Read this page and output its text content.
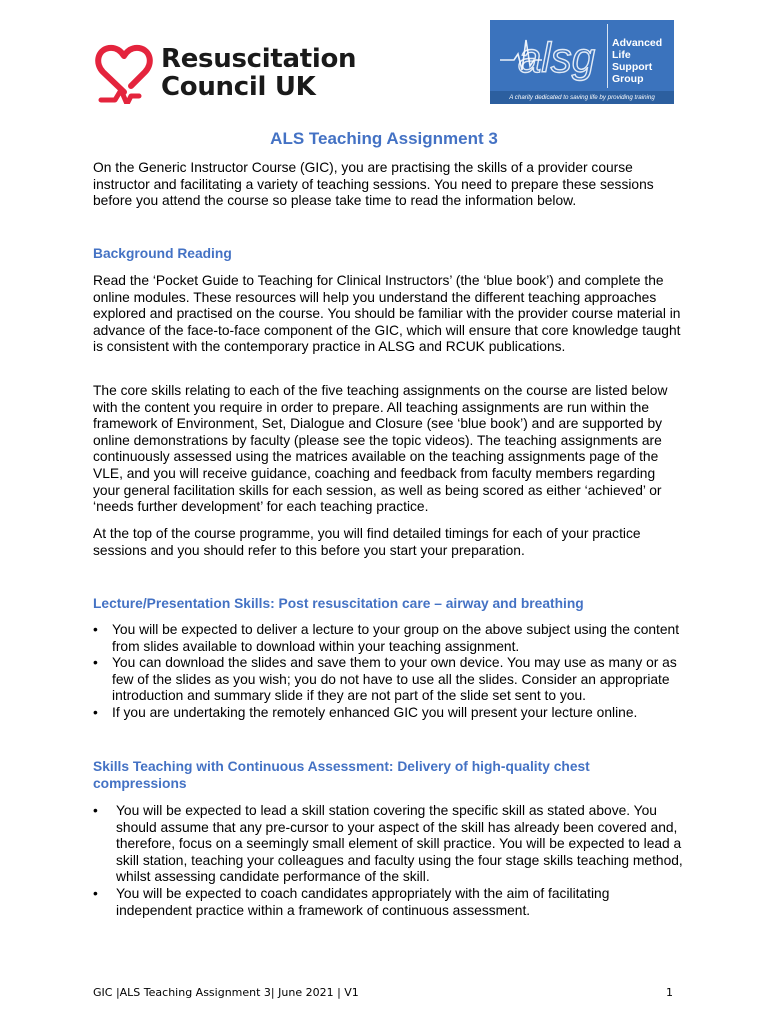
Resuscitation
Council UK
alsg Advanced
Life
Support
Group
A charity dedicated to saving life by providing training
ALS Teaching Assignment 3

On the Generic Instructor Course (GIC), you are practising the skills of a provider course instructor and facilitating a variety of teaching sessions. You need to prepare these sessions before you attend the course so please take time to read the information below.

Background Reading

Read the ‘Pocket Guide to Teaching for Clinical Instructors’ (the ‘blue book’) and complete the online modules. These resources will help you understand the different teaching approaches explored and practised on the course. You should be familiar with the provider course material in advance of the face-to-face component of the GIC, which will ensure that core knowledge taught is consistent with the contemporary practice in ALSG and RCUK publications.

The core skills relating to each of the five teaching assignments on the course are listed below with the content you require in order to prepare. All teaching assignments are run within the framework of Environment, Set, Dialogue and Closure (see ‘blue book’) and are supported by online demonstrations by faculty (please see the topic videos). The teaching assignments are continuously assessed using the matrices available on the teaching assignments page of the VLE, and you will receive guidance, coaching and feedback from faculty members regarding your general facilitation skills for each session, as well as being scored as either ‘achieved’ or ‘needs further development’ for each teaching practice.

At the top of the course programme, you will find detailed timings for each of your practice sessions and you should refer to this before you start your preparation.

Lecture/Presentation Skills: Post resuscitation care – airway and breathing
• You will be expected to deliver a lecture to your group on the above subject using the content from slides available to download within your teaching assignment.
• You can download the slides and save them to your own device. You may use as many or as few of the slides as you wish; you do not have to use all the slides. Consider an appropriate introduction and summary slide if they are not part of the slide set sent to you.
• If you are undertaking the remotely enhanced GIC you will present your lecture online.
Skills Teaching with Continuous Assessment: Delivery of high-quality chest compressions
• You will be expected to lead a skill station covering the specific skill as stated above. You should assume that any pre-cursor to your aspect of the skill has already been covered and, therefore, focus on a seemingly small element of skill practice. You will be expected to lead a skill station, teaching your colleagues and faculty using the four stage skills teaching method, whilst assessing candidate performance of the skill.
• You will be expected to coach candidates appropriately with the aim of facilitating independent practice within a framework of continuous assessment.
GIC |ALS Teaching Assignment 3| June 2021 | V1	1
